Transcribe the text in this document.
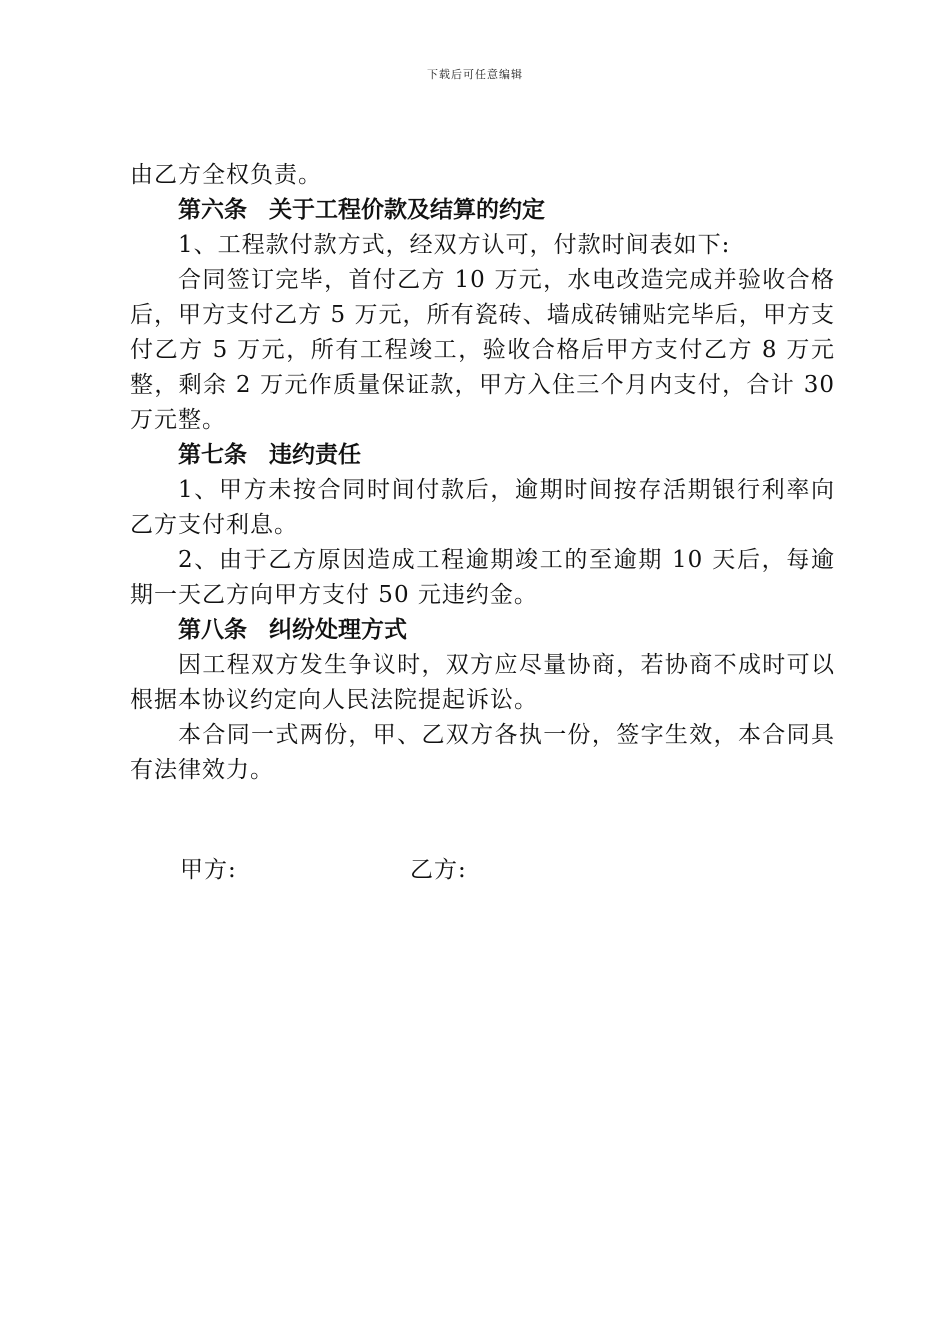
下载后可任意编辑

由乙方全权负责。

第六条 关于工程价款及结算的约定

1、工程款付款方式，经双方认可，付款时间表如下:

合同签订完毕，首付乙方 10 万元，水电改造完成并验收合格后，甲方支付乙方 5 万元，所有瓷砖、墙成砖铺贴完毕后，甲方支付乙方 5 万元，所有工程竣工，验收合格后甲方支付乙方 8 万元整，剩余 2 万元作质量保证款，甲方入住三个月内支付，合计 30 万元整。

第七条 违约责任

1、甲方未按合同时间付款后，逾期时间按存活期银行利率向乙方支付利息。

2、由于乙方原因造成工程逾期竣工的至逾期 10 天后，每逾期一天乙方向甲方支付 50 元违约金。

第八条 纠纷处理方式

因工程双方发生争议时，双方应尽量协商，若协商不成时可以根据本协议约定向人民法院提起诉讼。

本合同一式两份，甲、乙双方各执一份，签字生效，本合同具有法律效力。

甲方:	乙方:
